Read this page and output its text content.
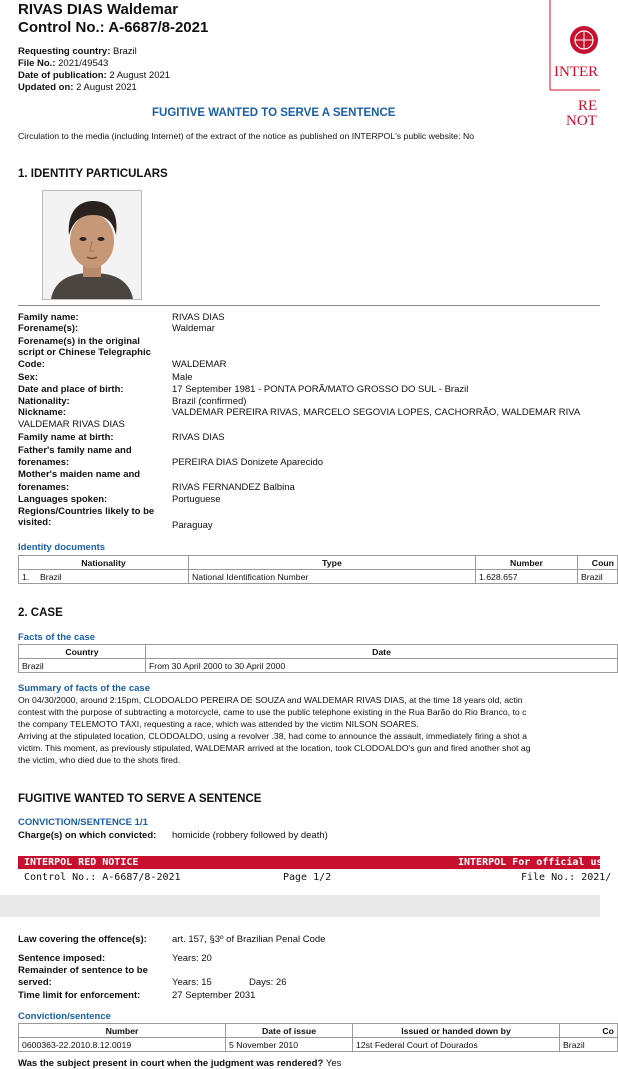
RIVAS DIAS Waldemar
Control No.: A-6687/8-2021
Requesting country: Brazil
File No.: 2021/49543
Date of publication: 2 August 2021
Updated on: 2 August 2021
FUGITIVE WANTED TO SERVE A SENTENCE
Circulation to the media (including Internet) of the extract of the notice as published on INTERPOL's public website: No
INTER
RE
NOT
1. IDENTITY PARTICULARS
Family name:	RIVAS DIAS
Forename(s):	Waldemar
Forename(s) in the original
script or Chinese Telegraphic
Code:	WALDEMAR
Sex:	Male
Date and place of birth:	17 September 1981 - PONTA PORÃ/MATO GROSSO DO SUL - Brazil
Nationality:	Brazil (confirmed)
Nickname:	VALDEMAR PEREIRA RIVAS, MARCELO SEGOVIA LOPES, CACHORRÃO, WALDEMAR RIVA
VALDEMAR RIVAS DIAS
Family name at birth:	RIVAS DIAS
Father's family name and
forenames:	PEREIRA DIAS Donizete Aparecido
Mother's maiden name and
forenames:	RIVAS FERNANDEZ Balbina
Languages spoken:	Portuguese
Regions/Countries likely to be
visited:	Paraguay
Identity documents
Nationality		Type	Number	Coun
1.	Brazil	National Identification Number	1.628.657	Brazil
2. CASE
Facts of the case
Country	Date
Brazil	From 30 April 2000 to 30 April 2000
Summary of facts of the case
On 04/30/2000, around 2:15pm, CLODOALDO PEREIRA DE SOUZA and WALDEMAR RIVAS DIAS, at the time 18 years old, actin
contest with the purpose of subtracting a motorcycle, came to use the public telephone existing in the Rua Barão do Rio Branco, to c
the company TELEMOTO TÁXI, requesting a race, which was attended by the victim NILSON SOARES.
Arriving at the stipulated location, CLODOALDO, using a revolver .38, had come to announce the assault, immediately firing a shot a
victim. This moment, as previously stipulated, WALDEMAR arrived at the location, took CLODOALDO's gun and fired another shot ag
the victim, who died due to the shots fired.
FUGITIVE WANTED TO SERVE A SENTENCE
CONVICTION/SENTENCE 1/1
Charge(s) on which convicted: homicide (robbery followed by death)
INTERPOL RED NOTICE	INTERPOL For official us
Control No.: A-6687/8-2021	Page 1/2	File No.: 2021/
Law covering the offence(s):	art. 157, §3º of Brazilian Penal Code
Sentence imposed:	Years: 20
Remainder of sentence to be
served:	Years: 15	Days: 26
Time limit for enforcement:	27 September 2031
Conviction/sentence
Number	Date of issue	Issued or handed down by	Co
0600363-22.2010.8.12.0019	5 November 2010	12st Federal Court of Dourados	Brazil
Was the subject present in court when the judgment was rendered? Yes
